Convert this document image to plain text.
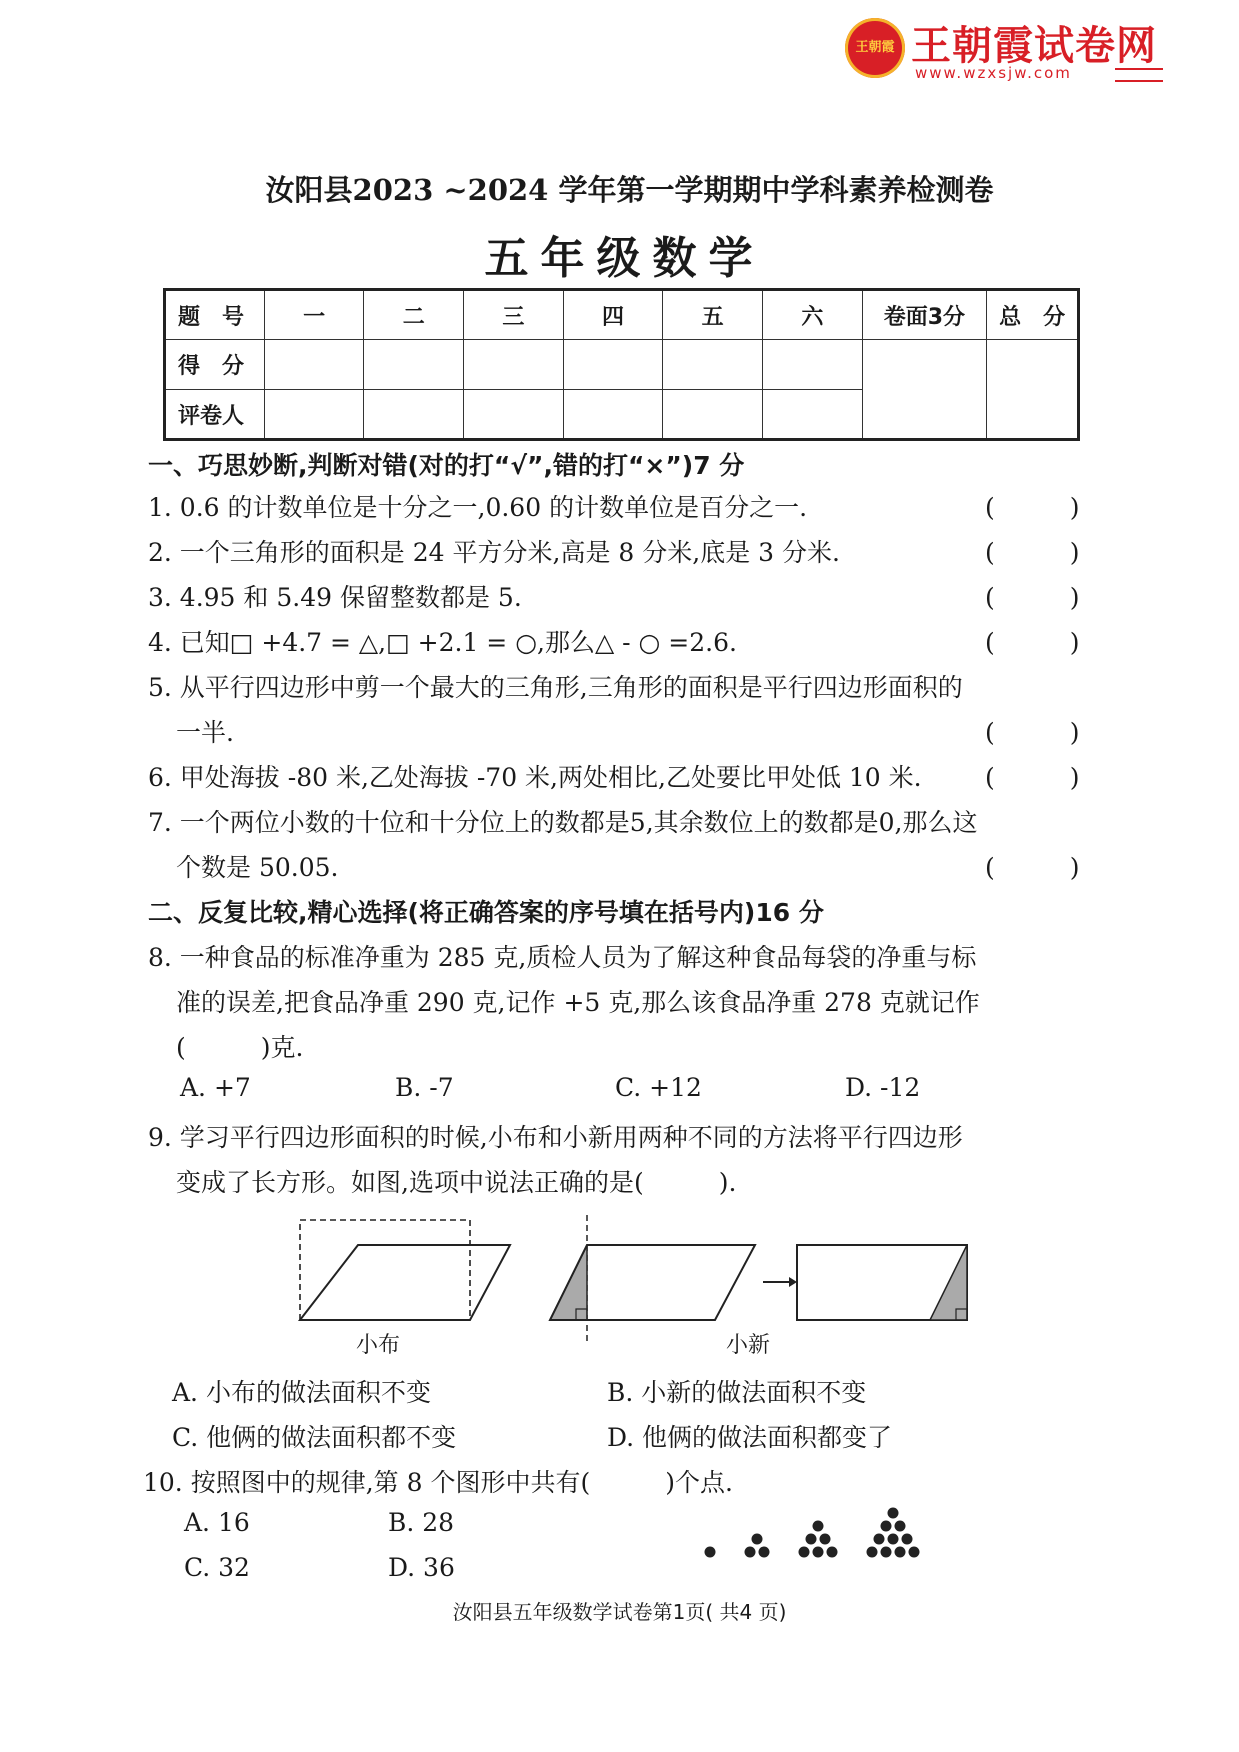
王朝霞 王朝霞试卷网
www.wzxsjw.com
汝阳县2023 ~2024 学年第一学期期中学科素养检测卷
五年级数学
题　号	一	二	三	四	五	六	卷面3分	总　分
得　分								
评卷人								
一、巧思妙断,判断对错(对的打“√”,错的打“×”)7 分
1. 0.6 的计数单位是十分之一,0.60 的计数单位是百分之一.	(　　　)
2. 一个三角形的面积是 24 平方分米,高是 8 分米,底是 3 分米.	(　　　)
3. 4.95 和 5.49 保留整数都是 5.	(　　　)
4. 已知□ +4.7 = △,□ +2.1 = ○,那么△ - ○ =2.6.	(　　　)
5. 从平行四边形中剪一个最大的三角形,三角形的面积是平行四边形面积的
一半.	(　　　)
6. 甲处海拔 -80 米,乙处海拔 -70 米,两处相比,乙处要比甲处低 10 米.	(　　　)
7. 一个两位小数的十位和十分位上的数都是5,其余数位上的数都是0,那么这
个数是 50.05.	(　　　)
二、反复比较,精心选择(将正确答案的序号填在括号内)16 分
8. 一种食品的标准净重为 285 克,质检人员为了解这种食品每袋的净重与标
准的误差,把食品净重 290 克,记作 +5 克,那么该食品净重 278 克就记作
(　　　)克.
A. +7	B. -7	C. +12	D. -12
9. 学习平行四边形面积的时候,小布和小新用两种不同的方法将平行四边形
变成了长方形。如图,选项中说法正确的是(　　　).
小布	小新
A. 小布的做法面积不变	B. 小新的做法面积不变
C. 他俩的做法面积都不变	D. 他俩的做法面积都变了
10. 按照图中的规律,第 8 个图形中共有(　　　)个点.
A. 16	B. 28
C. 32	D. 36
汝阳县五年级数学试卷第1页( 共4 页)
